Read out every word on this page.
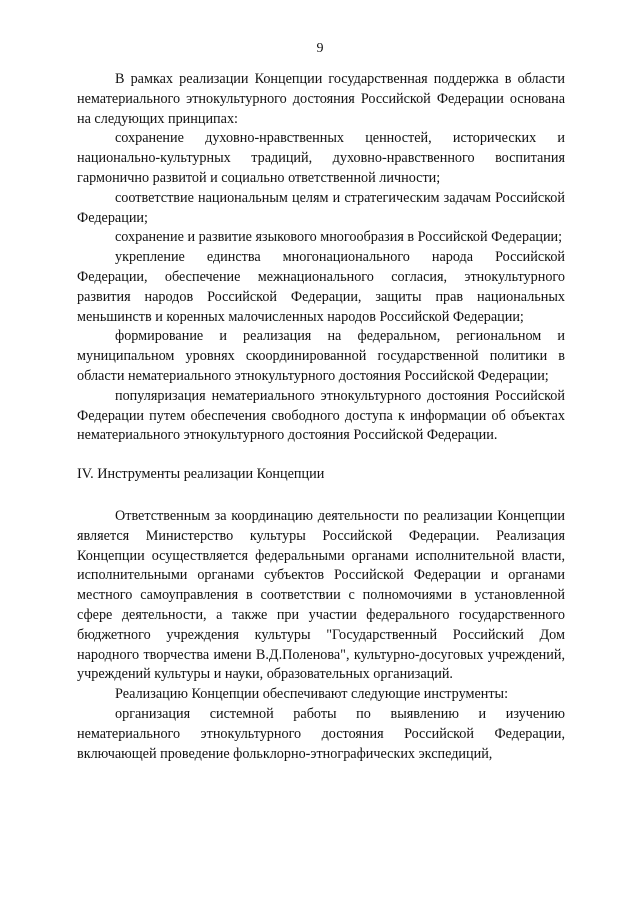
9

В рамках реализации Концепции государственная поддержка в области нематериального этнокультурного достояния Российской Федерации основана на следующих принципах:

сохранение духовно-нравственных ценностей, исторических и национально-культурных традиций, духовно-нравственного воспитания гармонично развитой и социально ответственной личности;

соответствие национальным целям и стратегическим задачам Российской Федерации;

сохранение и развитие языкового многообразия в Российской Федерации;

укрепление единства многонационального народа Российской Федерации, обеспечение межнационального согласия, этнокультурного развития народов Российской Федерации, защиты прав национальных меньшинств и коренных малочисленных народов Российской Федерации;

формирование и реализация на федеральном, региональном и муниципальном уровнях скоординированной государственной политики в области нематериального этнокультурного достояния Российской Федерации;

популяризация нематериального этнокультурного достояния Российской Федерации путем обеспечения свободного доступа к информации об объектах нематериального этнокультурного достояния Российской Федерации.

IV. Инструменты реализации Концепции

Ответственным за координацию деятельности по реализации Концепции является Министерство культуры Российской Федерации. Реализация Концепции осуществляется федеральными органами исполнительной власти, исполнительными органами субъектов Российской Федерации и органами местного самоуправления в соответствии с полномочиями в установленной сфере деятельности, а также при участии федерального государственного бюджетного учреждения культуры "Государственный Российский Дом народного творчества имени В.Д.Поленова", культурно-досуговых учреждений, учреждений культуры и науки, образовательных организаций.

Реализацию Концепции обеспечивают следующие инструменты:

организация системной работы по выявлению и изучению нематериального этнокультурного достояния Российской Федерации, включающей проведение фольклорно-этнографических экспедиций,
